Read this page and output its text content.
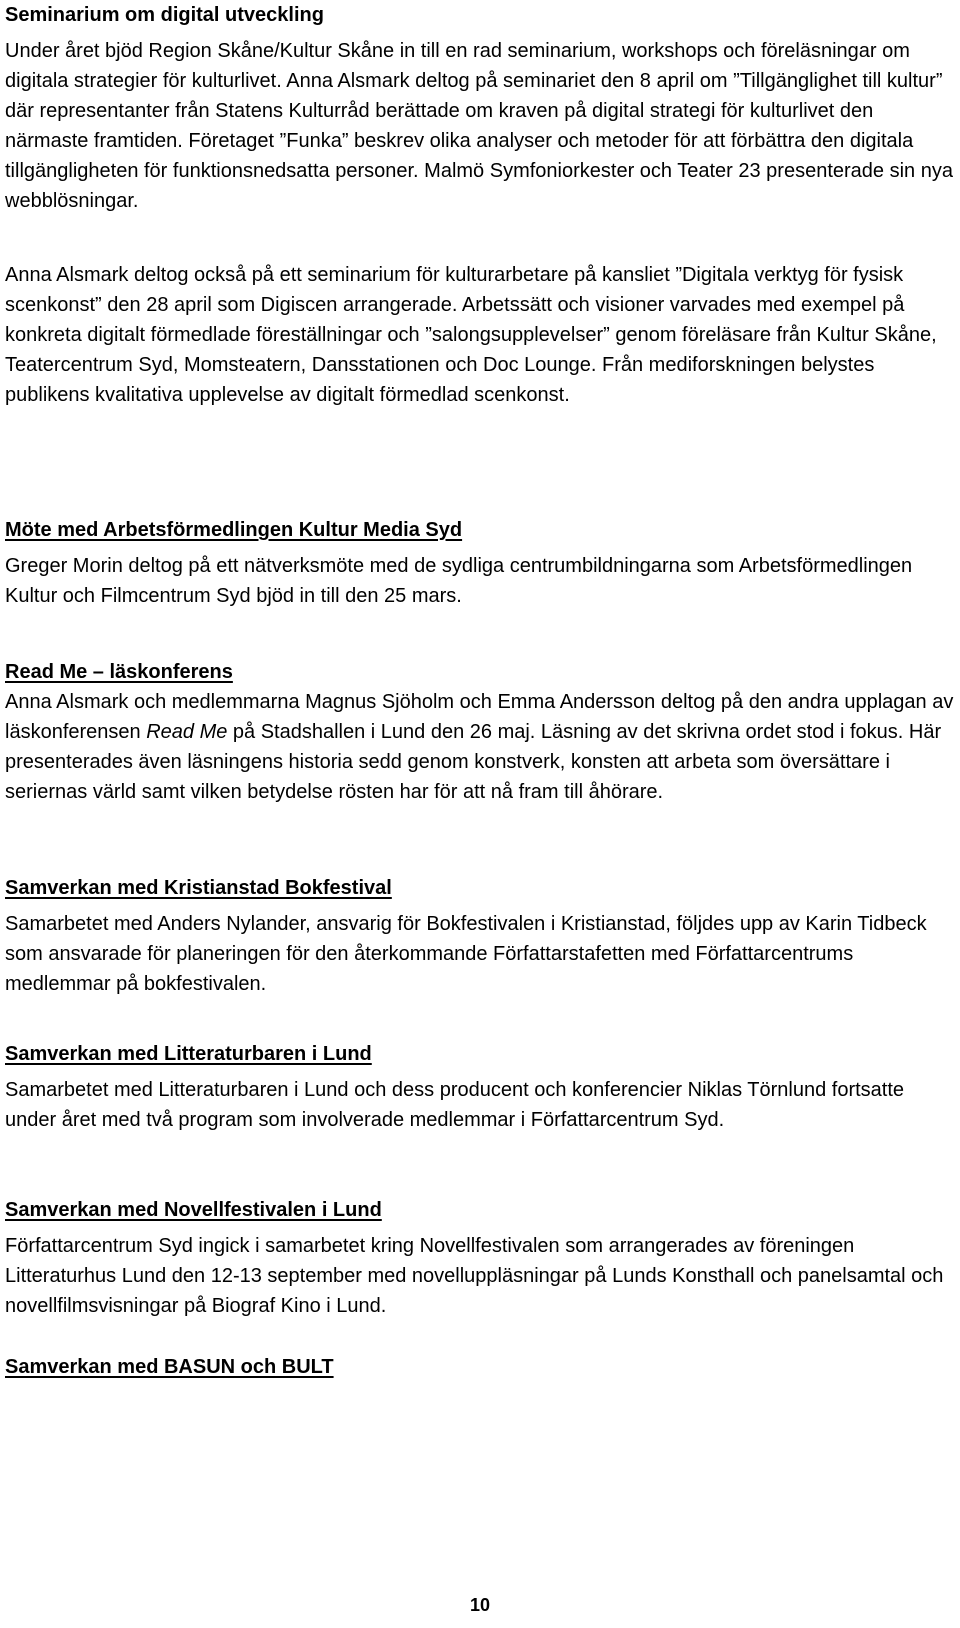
Seminarium om digital utveckling

Under året bjöd Region Skåne/Kultur Skåne in till en rad seminarium, workshops och föreläsningar om digitala strategier för kulturlivet. Anna Alsmark deltog på seminariet den 8 april om ”Tillgänglighet till kultur” där representanter från Statens Kulturråd berättade om kraven på digital strategi för kulturlivet den närmaste framtiden. Företaget ”Funka” beskrev olika analyser och metoder för att förbättra den digitala tillgängligheten för funktionsnedsatta personer. Malmö Symfoniorkester och Teater 23 presenterade sin nya webblösningar.

Anna Alsmark deltog också på ett seminarium för kulturarbetare på kansliet ”Digitala verktyg för fysisk scenkonst” den 28 april som Digiscen arrangerade. Arbetssätt och visioner varvades med exempel på konkreta digitalt förmedlade föreställningar och ”salongsupplevelser” genom föreläsare från Kultur Skåne, Teatercentrum Syd, Momsteatern, Dansstationen och Doc Lounge. Från mediforskningen belystes publikens kvalitativa upplevelse av digitalt förmedlad scenkonst.

Möte med Arbetsförmedlingen Kultur Media Syd

Greger Morin deltog på ett nätverksmöte med de sydliga centrumbildningarna som Arbetsförmedlingen Kultur och Filmcentrum Syd bjöd in till den 25 mars.

Read Me – läskonferens

Anna Alsmark och medlemmarna Magnus Sjöholm och Emma Andersson deltog på den andra upplagan av läskonferensen Read Me på Stadshallen i Lund den 26 maj. Läsning av det skrivna ordet stod i fokus. Här presenterades även läsningens historia sedd genom konstverk, konsten att arbeta som översättare i seriernas värld samt vilken betydelse rösten har för att nå fram till åhörare.

Samverkan med Kristianstad Bokfestival

Samarbetet med Anders Nylander, ansvarig för Bokfestivalen i Kristianstad, följdes upp av Karin Tidbeck som ansvarade för planeringen för den återkommande Författarstafetten med Författarcentrums medlemmar på bokfestivalen.

Samverkan med Litteraturbaren i Lund

Samarbetet med Litteraturbaren i Lund och dess producent och konferencier Niklas Törnlund fortsatte under året med två program som involverade medlemmar i Författarcentrum Syd.

Samverkan med Novellfestivalen i Lund

Författarcentrum Syd ingick i samarbetet kring Novellfestivalen som arrangerades av föreningen Litteraturhus Lund den 12-13 september med novelluppläsningar på Lunds Konsthall och panelsamtal och novellfilmsvisningar på Biograf Kino i Lund.

Samverkan med BASUN och BULT
10
